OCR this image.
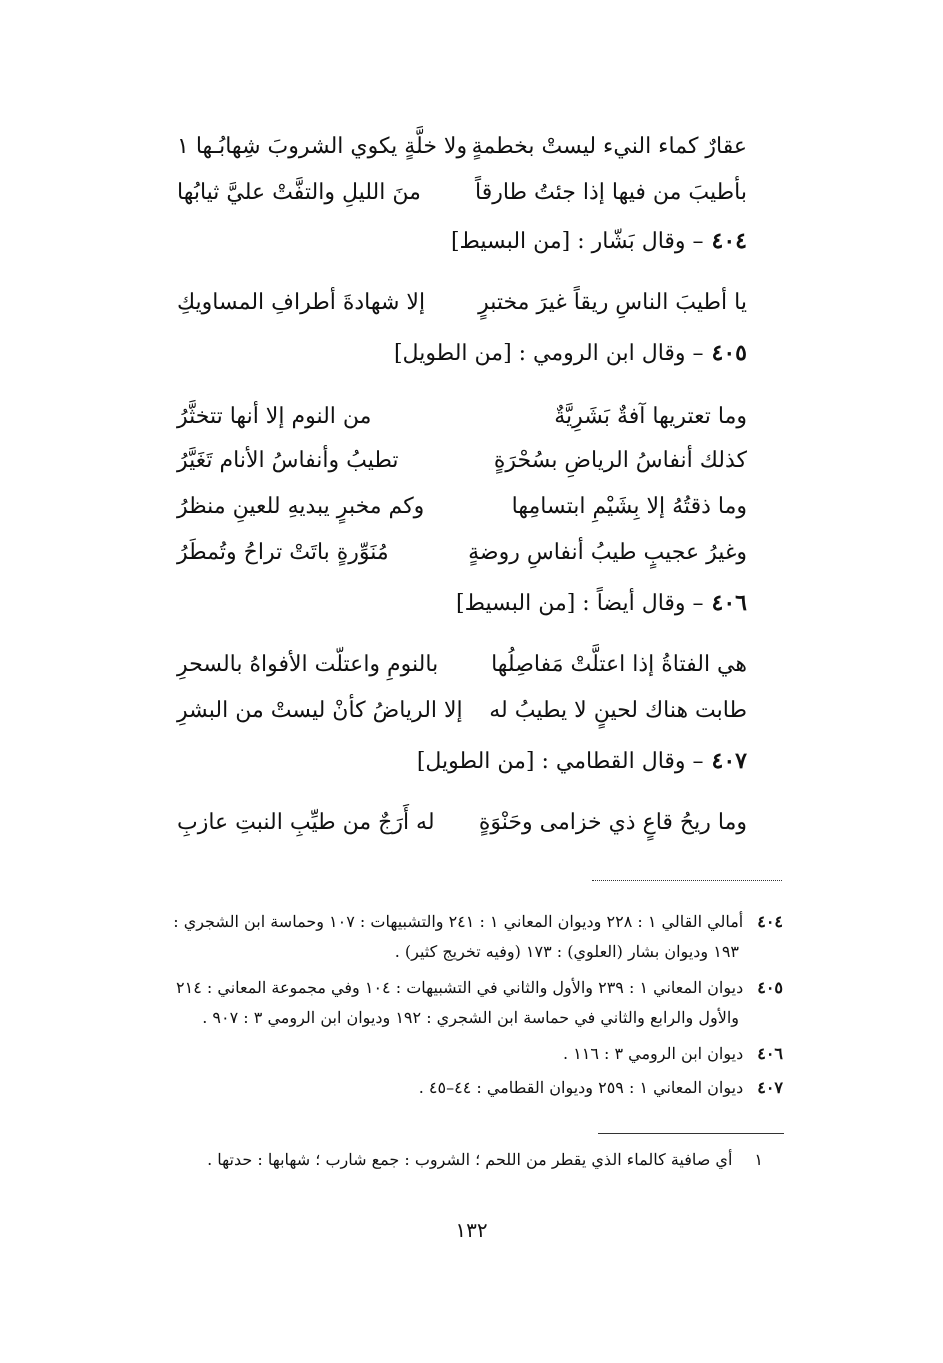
عقارٌ كماء النيء ليستْ بخطمةٍ
ولا خلَّةٍ يكوي الشروبَ شِهابُـها ١
بأطيبَ من فيها إذا جئتُ طارقاً
منَ الليلِ والتفَّتْ عليَّ ثيابُها
٤٠٤– وقال بَشّار : [من البسيط]
يا أطيبَ الناسِ ريقاً غيرَ مختبرٍ
إلا شهادةَ أطرافِ المساويكِ
٤٠٥– وقال ابن الرومي : [من الطويل]
وما تعتريها آفةٌ بَشَرِيَّةٌ
من النوم إلا أنها تتخثَّرُ
كذلك أنفاسُ الرياضِ بسُحْرَةٍ
تطيبُ وأنفاسُ الأنام تَغَيَّرُ
وما ذقتُهُ إلا بِشَيْمِ ابتسامِها
وكم مخبرٍ يبديهِ للعينِ منظرُ
وغيرُ عجيبٍ طيبُ أنفاسِ روضةٍ
مُنَوِّرةٍ باتَتْ تراحُ وتُمطَرُ
٤٠٦– وقال أيضاً : [من البسيط]
هي الفتاةُ إذا اعتلَّتْ مَفاصِلُها
بالنومِ واعتلّت الأفواهُ بالسحرِ
طابت هناك لحينٍ لا يطيبُ له
إلا الرياضُ كأنْ ليستْ من البشرِ
٤٠٧– وقال القطامي : [من الطويل]
وما ريحُ قاعٍ ذي خزامى وحَنْوَةٍ
له أَرَجٌ من طيِّبِ النبتِ عازبِ
٤٠٤أمالي القالي ١ : ٢٢٨ وديوان المعاني ١ : ٢٤١ والتشبيهات : ١٠٧ وحماسة ابن الشجري :
١٩٣ وديوان بشار (العلوي) : ١٧٣ (وفيه تخريج كثير) .
٤٠٥ديوان المعاني ١ : ٢٣٩ والأول والثاني في التشبيهات : ١٠٤ وفي مجموعة المعاني : ٢١٤
والأول والرابع والثاني في حماسة ابن الشجري : ١٩٢ وديوان ابن الرومي ٣ : ٩٠٧ .
٤٠٦ديوان ابن الرومي ٣ : ١١٦ .
٤٠٧ديوان المعاني ١ : ٢٥٩ وديوان القطامي : ٤٤–٤٥ .
١أي صافية كالماء الذي يقطر من اللحم ؛ الشروب : جمع شارب ؛ شهابها : حدتها .
١٣٢
